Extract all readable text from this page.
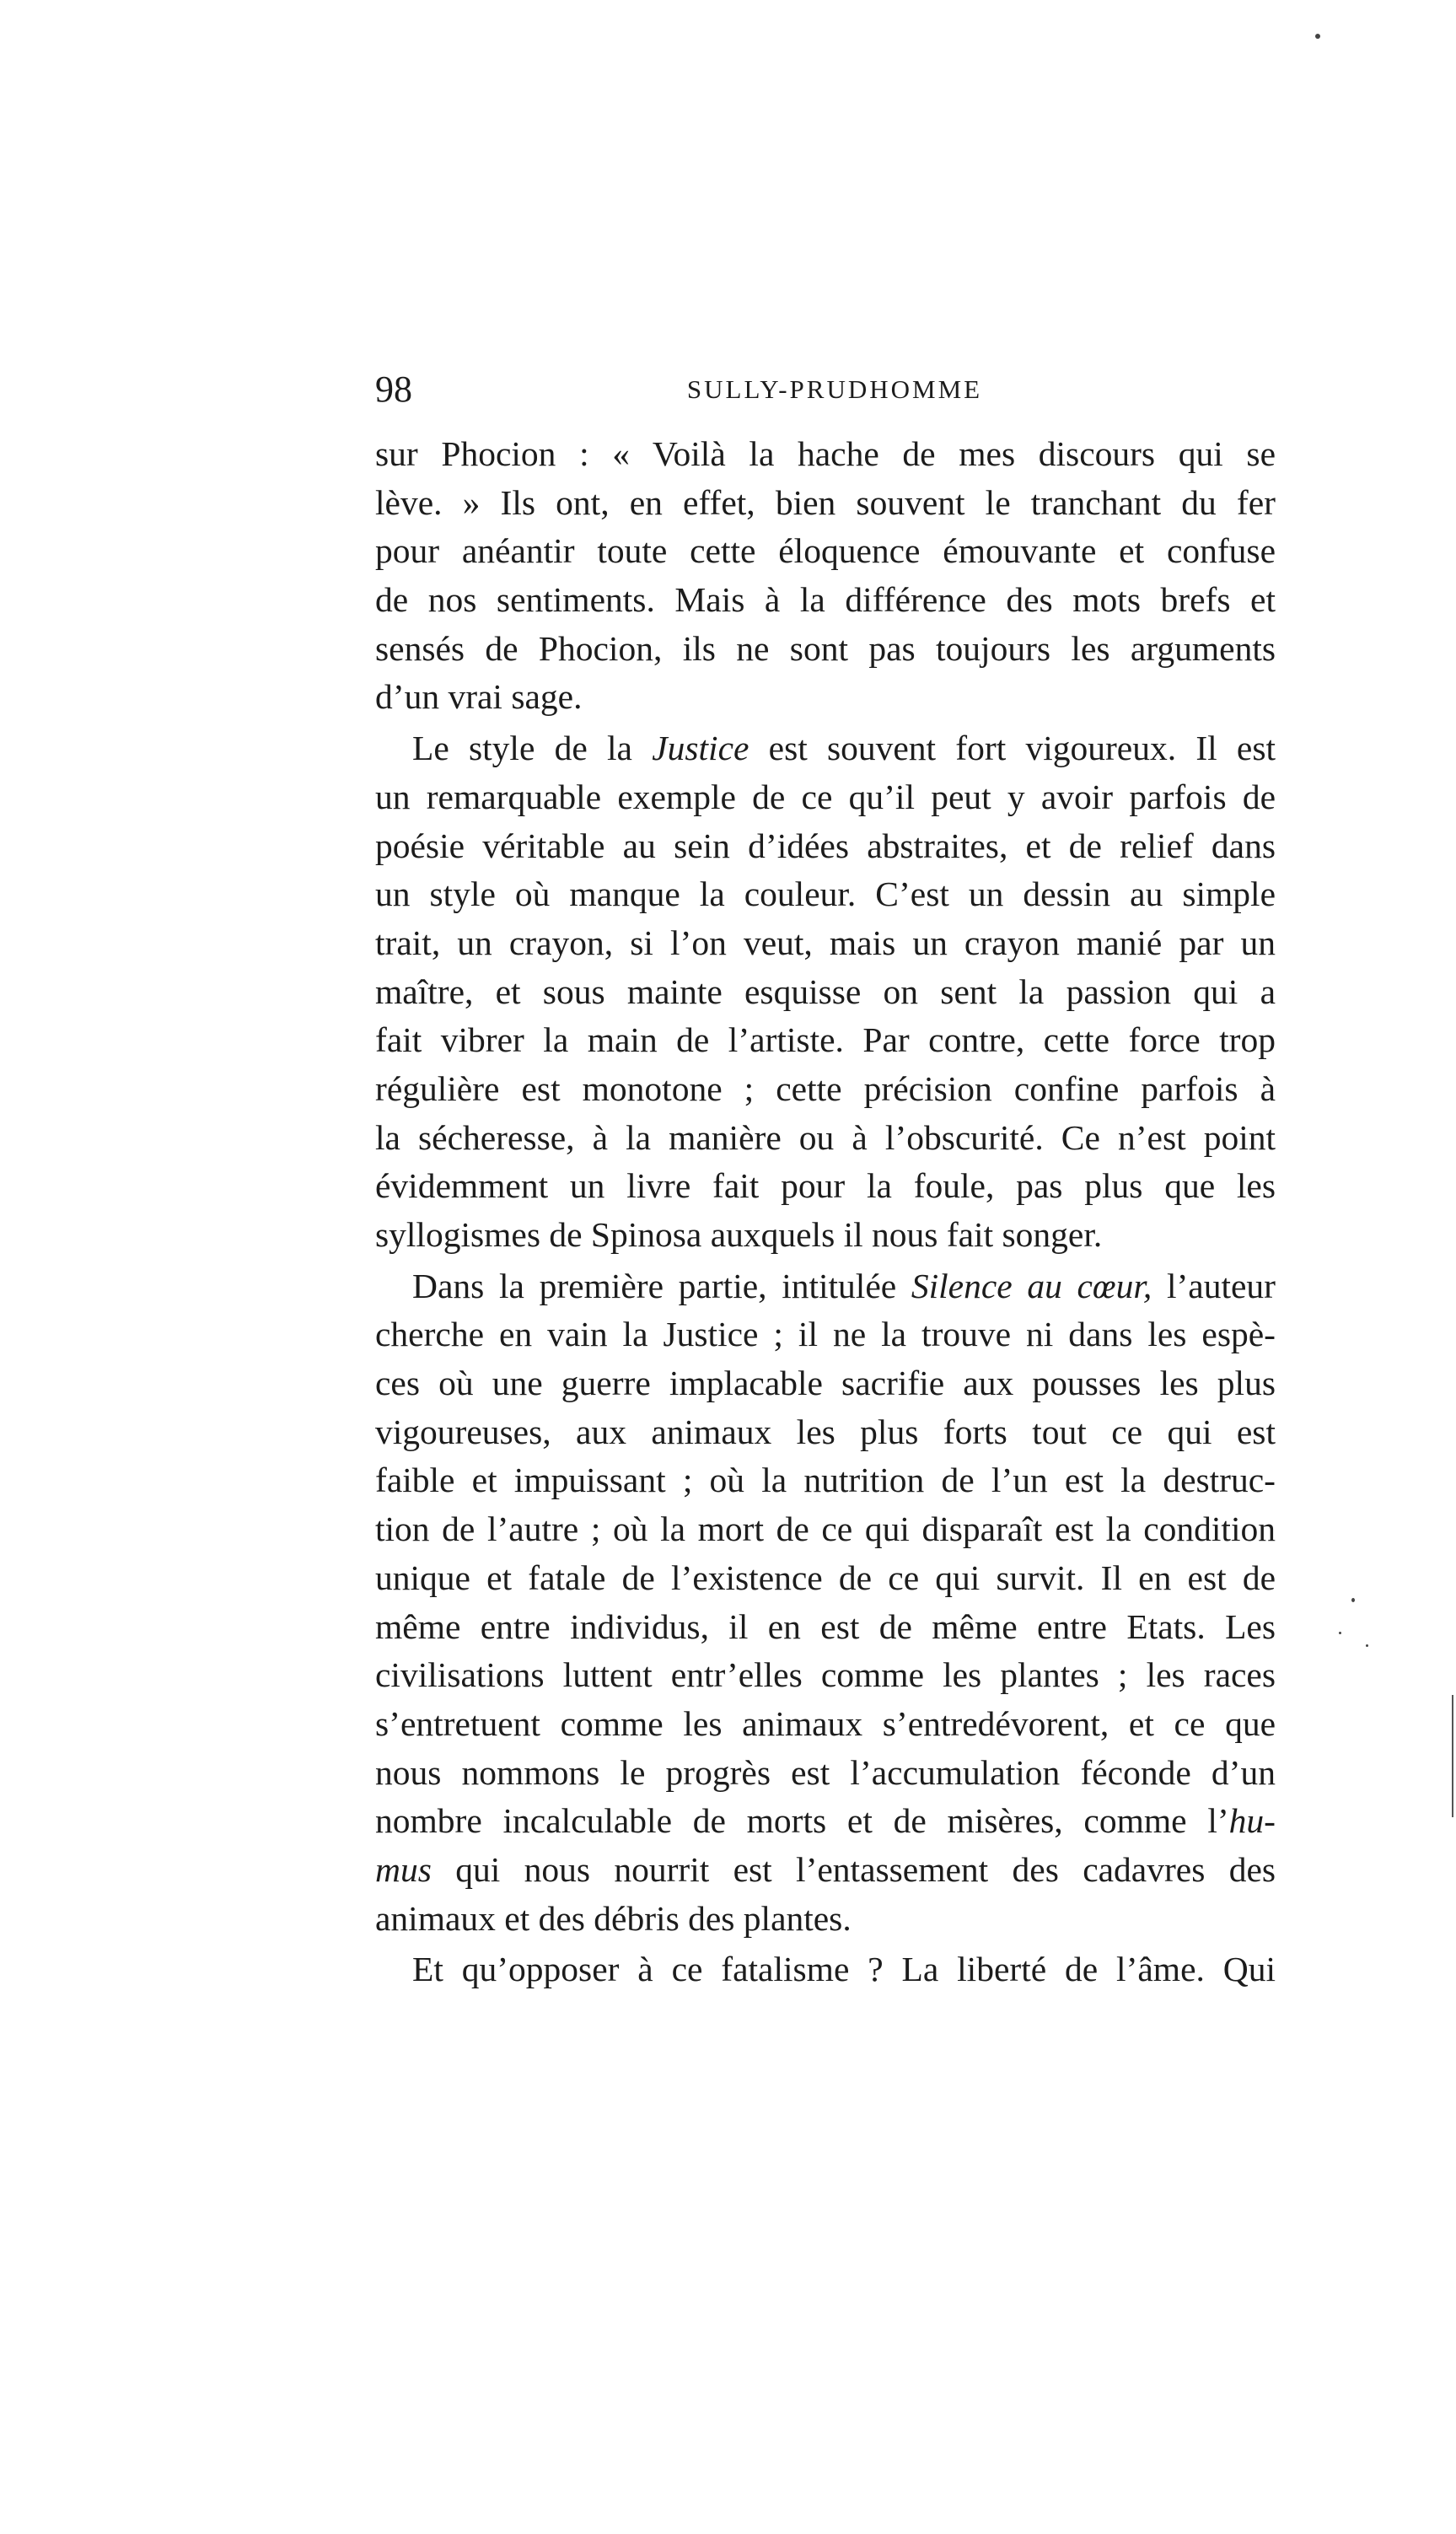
98	SULLY-PRUDHOMME
sur Phocion : « Voilà la hache de mes discours qui se
lève. » Ils ont, en effet, bien souvent le tranchant du fer
pour anéantir toute cette éloquence émouvante et confuse
de nos sentiments. Mais à la différence des mots brefs et
sensés de Phocion, ils ne sont pas toujours les arguments
d’un vrai sage.
Le style de la Justice est souvent fort vigoureux. Il est
un remarquable exemple de ce qu’il peut y avoir parfois de
poésie véritable au sein d’idées abstraites, et de relief dans
un style où manque la couleur. C’est un dessin au simple
trait, un crayon, si l’on veut, mais un crayon manié par un
maître, et sous mainte esquisse on sent la passion qui a
fait vibrer la main de l’artiste. Par contre, cette force trop
régulière est monotone ; cette précision confine parfois à
la sécheresse, à la manière ou à l’obscurité. Ce n’est point
évidemment un livre fait pour la foule, pas plus que les
syllogismes de Spinosa auxquels il nous fait songer.
Dans la première partie, intitulée Silence au cœur, l’auteur
cherche en vain la Justice ; il ne la trouve ni dans les espè-
ces où une guerre implacable sacrifie aux pousses les plus
vigoureuses, aux animaux les plus forts tout ce qui est
faible et impuissant ; où la nutrition de l’un est la destruc-
tion de l’autre ; où la mort de ce qui disparaît est la condition
unique et fatale de l’existence de ce qui survit. Il en est de
même entre individus, il en est de même entre Etats. Les
civilisations luttent entr’elles comme les plantes ; les races
s’entretuent comme les animaux s’entredévorent, et ce que
nous nommons le progrès est l’accumulation féconde d’un
nombre incalculable de morts et de misères, comme l’hu-
mus qui nous nourrit est l’entassement des cadavres des
animaux et des débris des plantes.
Et qu’opposer à ce fatalisme ? La liberté de l’âme. Qui
